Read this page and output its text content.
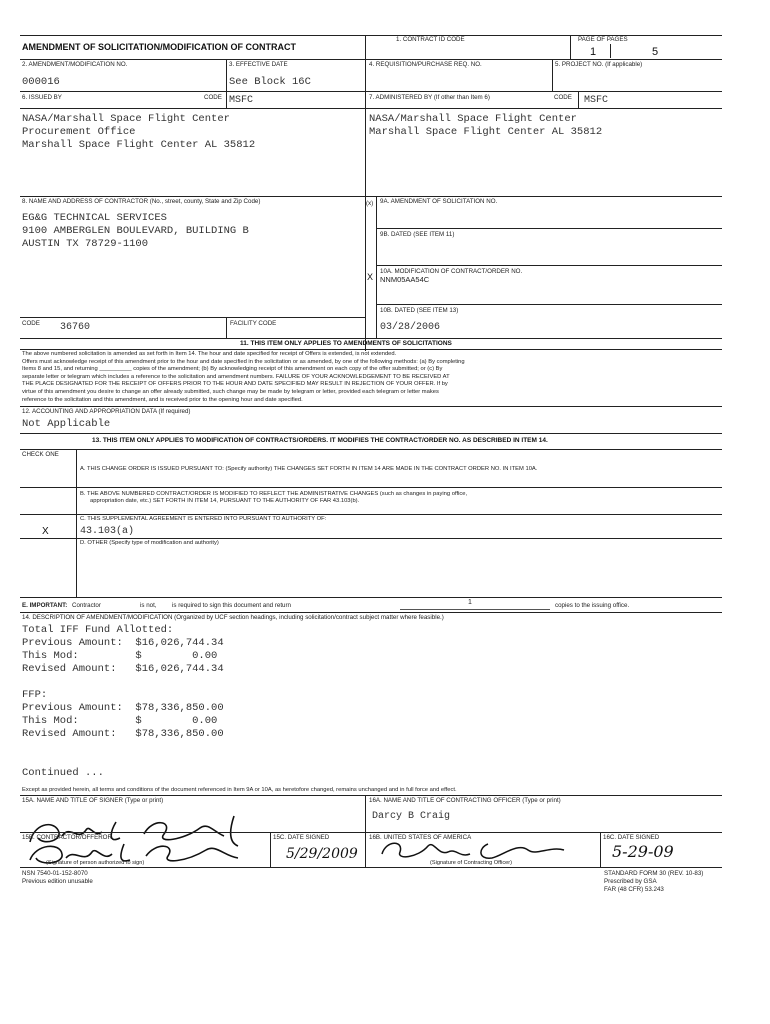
AMENDMENT OF SOLICITATION/MODIFICATION OF CONTRACT
1. CONTRACT ID CODE	PAGE OF PAGES
1	5
2. AMENDMENT/MODIFICATION NO.
000016
3. EFFECTIVE DATE
See Block 16C
4. REQUISITION/PURCHASE REQ. NO.	5. PROJECT NO. (If applicable)
6. ISSUED BY	CODE MSFC	7. ADMINISTERED BY (If other than Item 6)	CODE MSFC
NASA/Marshall Space Flight Center
Procurement Office
Marshall Space Flight Center AL 35812
NASA/Marshall Space Flight Center
Marshall Space Flight Center AL 35812
8. NAME AND ADDRESS OF CONTRACTOR (No., street, county, State and Zip Code)
EG&G TECHNICAL SERVICES
9100 AMBERGLEN BOULEVARD, BUILDING B
AUSTIN TX 78729-1100
(x) 9A. AMENDMENT OF SOLICITATION NO.
9B. DATED (SEE ITEM 11)
X
10A. MODIFICATION OF CONTRACT/ORDER NO.
NNM05AA54C
10B. DATED (SEE ITEM 13)
03/28/2006
CODE 36760	FACILITY CODE
11. THIS ITEM ONLY APPLIES TO AMENDMENTS OF SOLICITATIONS
The above numbered solicitation is amended as set forth in Item 14. The hour and date specified for receipt of Offers is extended, is not extended.
Offers must acknowledge receipt of this amendment prior to the hour and date specified in the solicitation or as amended, by one of the following methods: (a) By completing
Items 8 and 15, and returning __________ copies of the amendment; (b) By acknowledging receipt of this amendment on each copy of the offer submitted; or (c) By
separate letter or telegram which includes a reference to the solicitation and amendment numbers. FAILURE OF YOUR ACKNOWLEDGEMENT TO BE RECEIVED AT
THE PLACE DESIGNATED FOR THE RECEIPT OF OFFERS PRIOR TO THE HOUR AND DATE SPECIFIED MAY RESULT IN REJECTION OF YOUR OFFER. If by
virtue of this amendment you desire to change an offer already submitted, such change may be made by telegram or letter, provided each telegram or letter makes
reference to the solicitation and this amendment, and is received prior to the opening hour and date specified.
12. ACCOUNTING AND APPROPRIATION DATA (If required)
Not Applicable
13. THIS ITEM ONLY APPLIES TO MODIFICATION OF CONTRACTS/ORDERS. IT MODIFIES THE CONTRACT/ORDER NO. AS DESCRIBED IN ITEM 14.
CHECK ONE
A. THIS CHANGE ORDER IS ISSUED PURSUANT TO: (Specify authority) THE CHANGES SET FORTH IN ITEM 14 ARE MADE IN THE CONTRACT ORDER NO. IN ITEM 10A.
B. THE ABOVE NUMBERED CONTRACT/ORDER IS MODIFIED TO REFLECT THE ADMINISTRATIVE CHANGES (such as changes in paying office,
appropriation date, etc.) SET FORTH IN ITEM 14, PURSUANT TO THE AUTHORITY OF FAR 43.103(b).
C. THIS SUPPLEMENTAL AGREEMENT IS ENTERED INTO PURSUANT TO AUTHORITY OF:
X	43.103(a)
D. OTHER (Specify type of modification and authority)
E. IMPORTANT: Contractor	is not, is required to sign this document and return	1	copies to the issuing office.
14. DESCRIPTION OF AMENDMENT/MODIFICATION (Organized by UCF section headings, including solicitation/contract subject matter where feasible.)
Total IFF Fund Allotted:
Previous Amount:  $16,026,744.34
This Mod:         $        0.00
Revised Amount:   $16,026,744.34
FFP:
Previous Amount:  $78,336,850.00
This Mod:         $        0.00
Revised Amount:   $78,336,850.00
Continued ...
Except as provided herein, all terms and conditions of the document referenced in Item 9A or 10A, as heretofore changed, remains unchanged and in full force and effect.
15A. NAME AND TITLE OF SIGNER (Type or print)	16A. NAME AND TITLE OF CONTRACTING OFFICER (Type or print)
Darcy B Craig
15B. CONTRACTOR/OFFEROR	15C. DATE SIGNED	16B. UNITED STATES OF AMERICA	16C. DATE SIGNED
5/29/2009	5-29-09
(Signature of person authorized to sign)	(Signature of Contracting Officer)
NSN 7540-01-152-8070
Previous edition unusable
STANDARD FORM 30 (REV. 10-83)
Prescribed by GSA
FAR (48 CFR) 53.243
